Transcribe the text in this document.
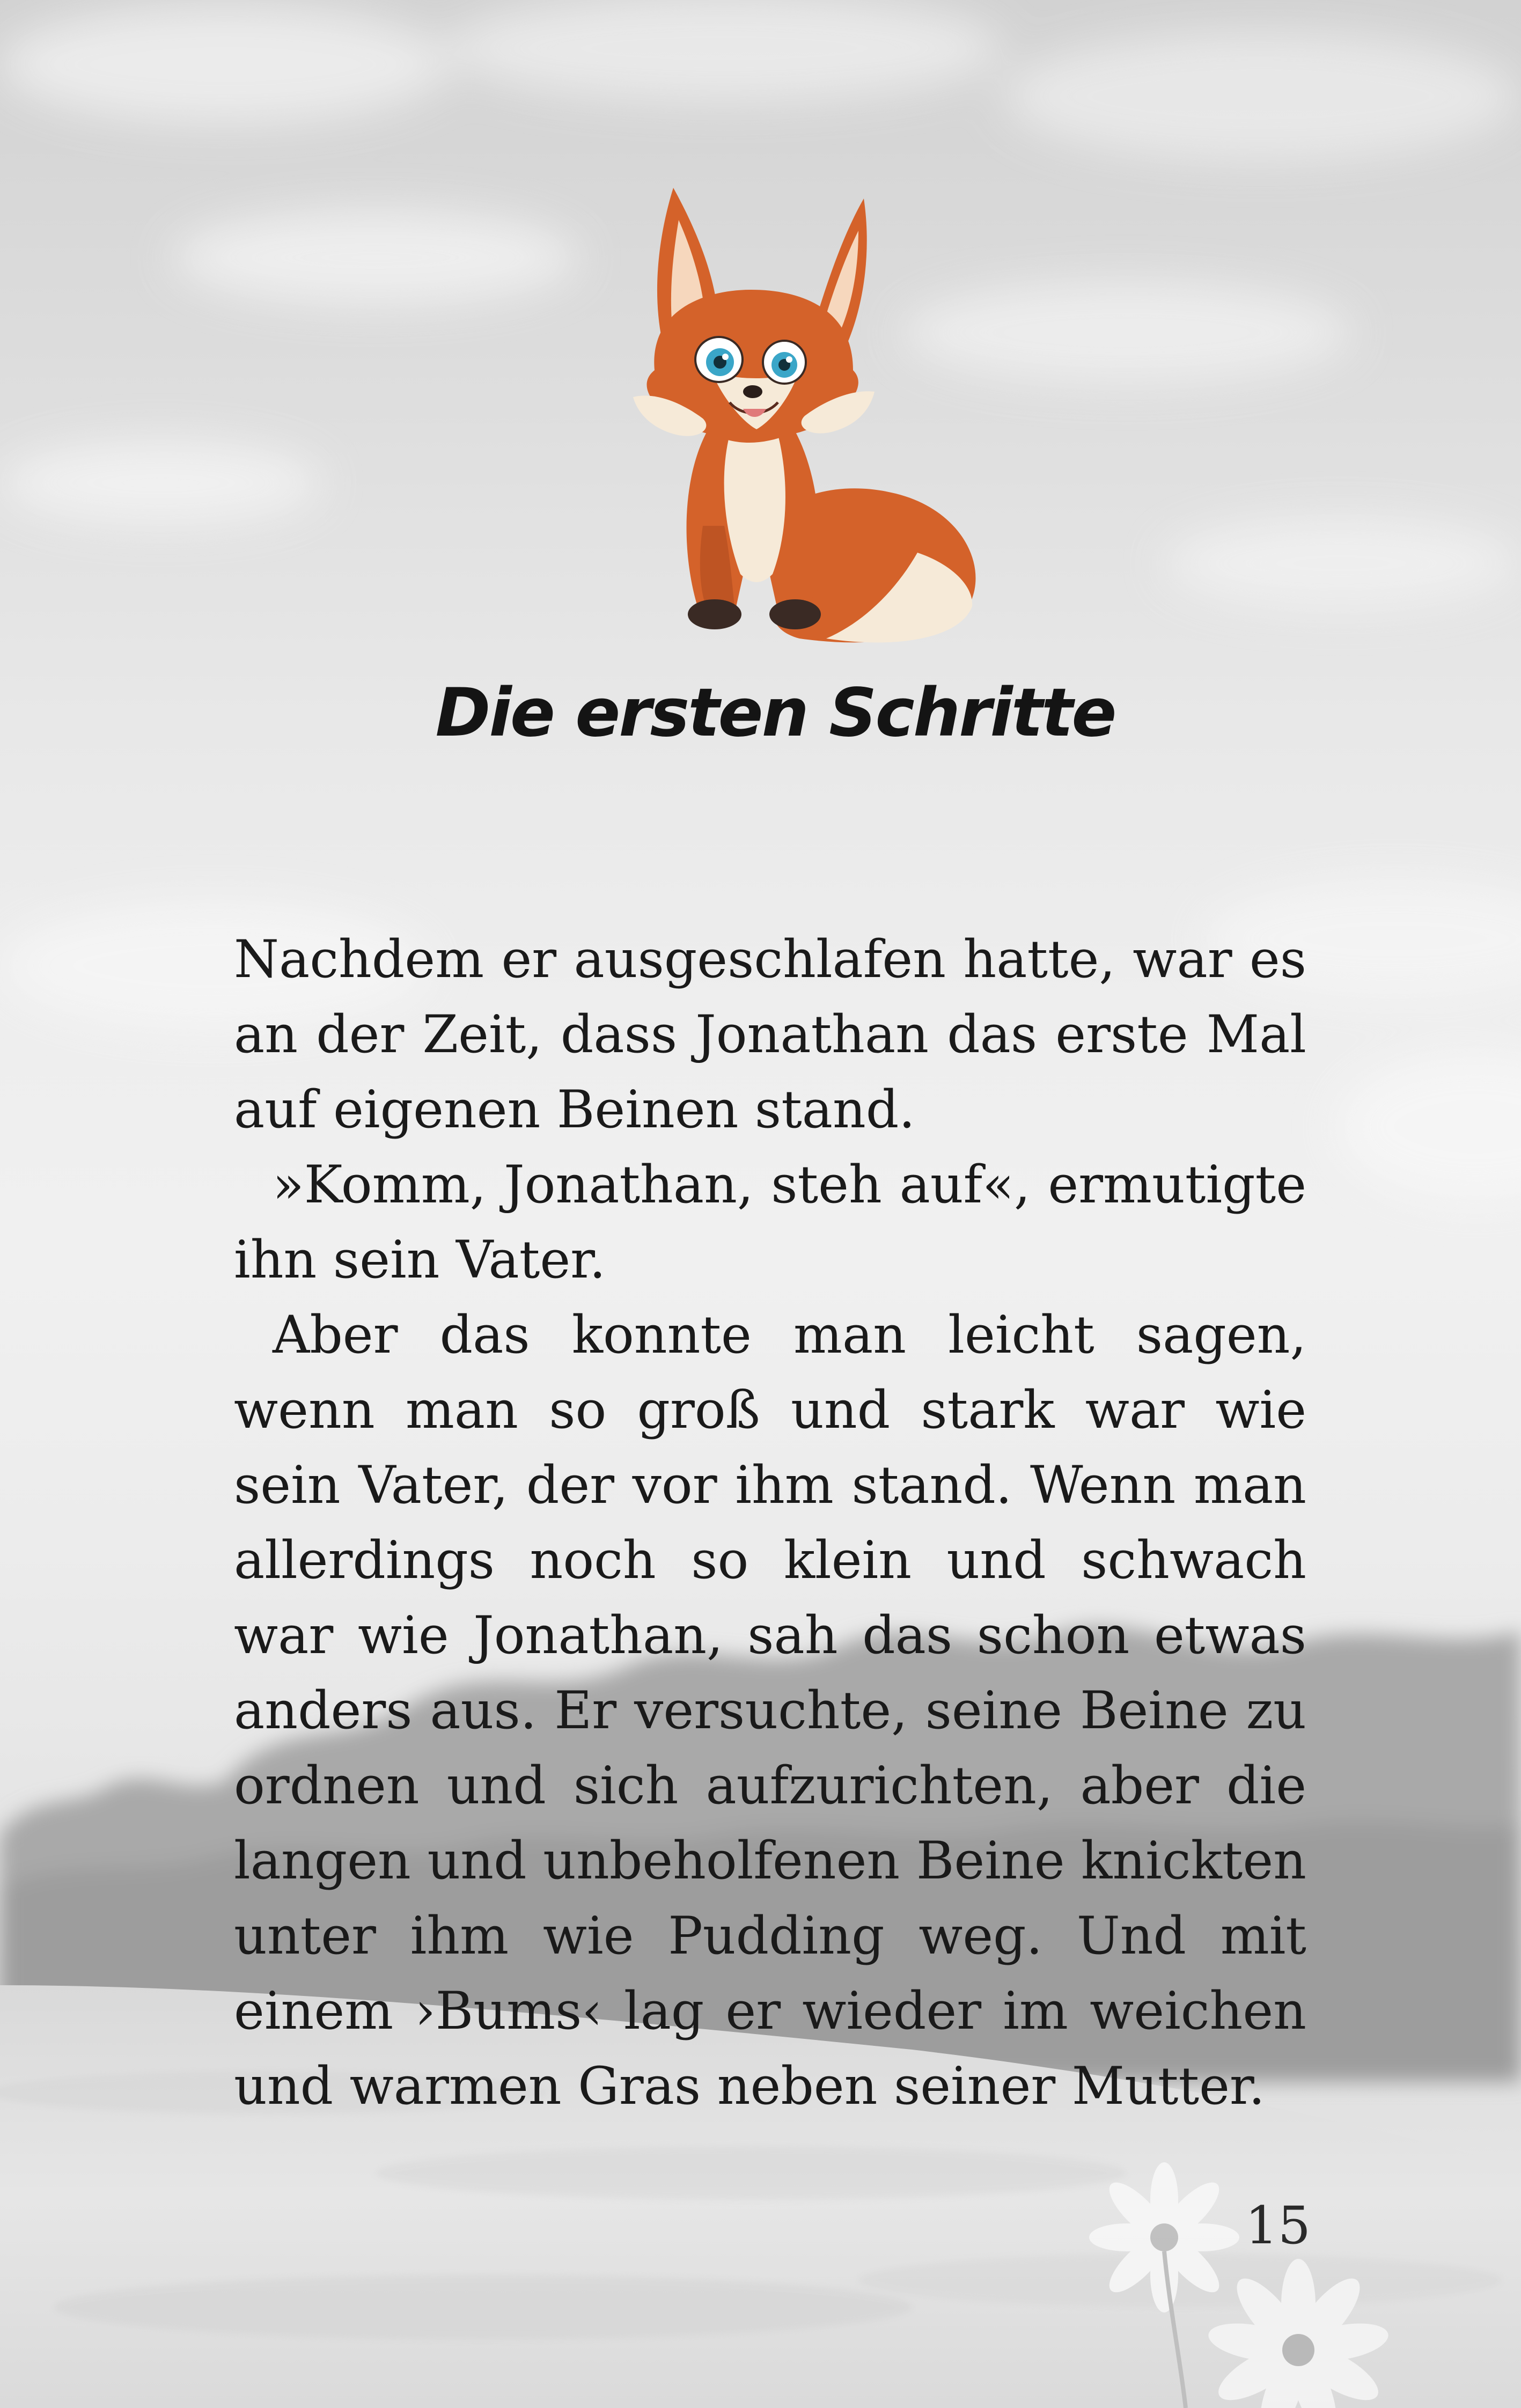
Die ersten Schritte

Nachdem er ausgeschlafen hatte, war es an der Zeit, dass Jonathan das erste Mal auf eigenen Beinen stand.

»Komm, Jonathan, steh auf«, ermutigte ihn sein Vater.

Aber das konnte man leicht sagen, wenn man so groß und stark war wie sein Vater, der vor ihm stand. Wenn man allerdings noch so klein und schwach war wie Jonathan, sah das schon etwas anders aus. Er versuchte, seine Beine zu ordnen und sich aufzurichten, aber die langen und unbeholfenen Beine knickten unter ihm wie Pudding weg. Und mit einem ›Bums‹ lag er wieder im weichen und warmen Gras neben seiner Mutter.

15
